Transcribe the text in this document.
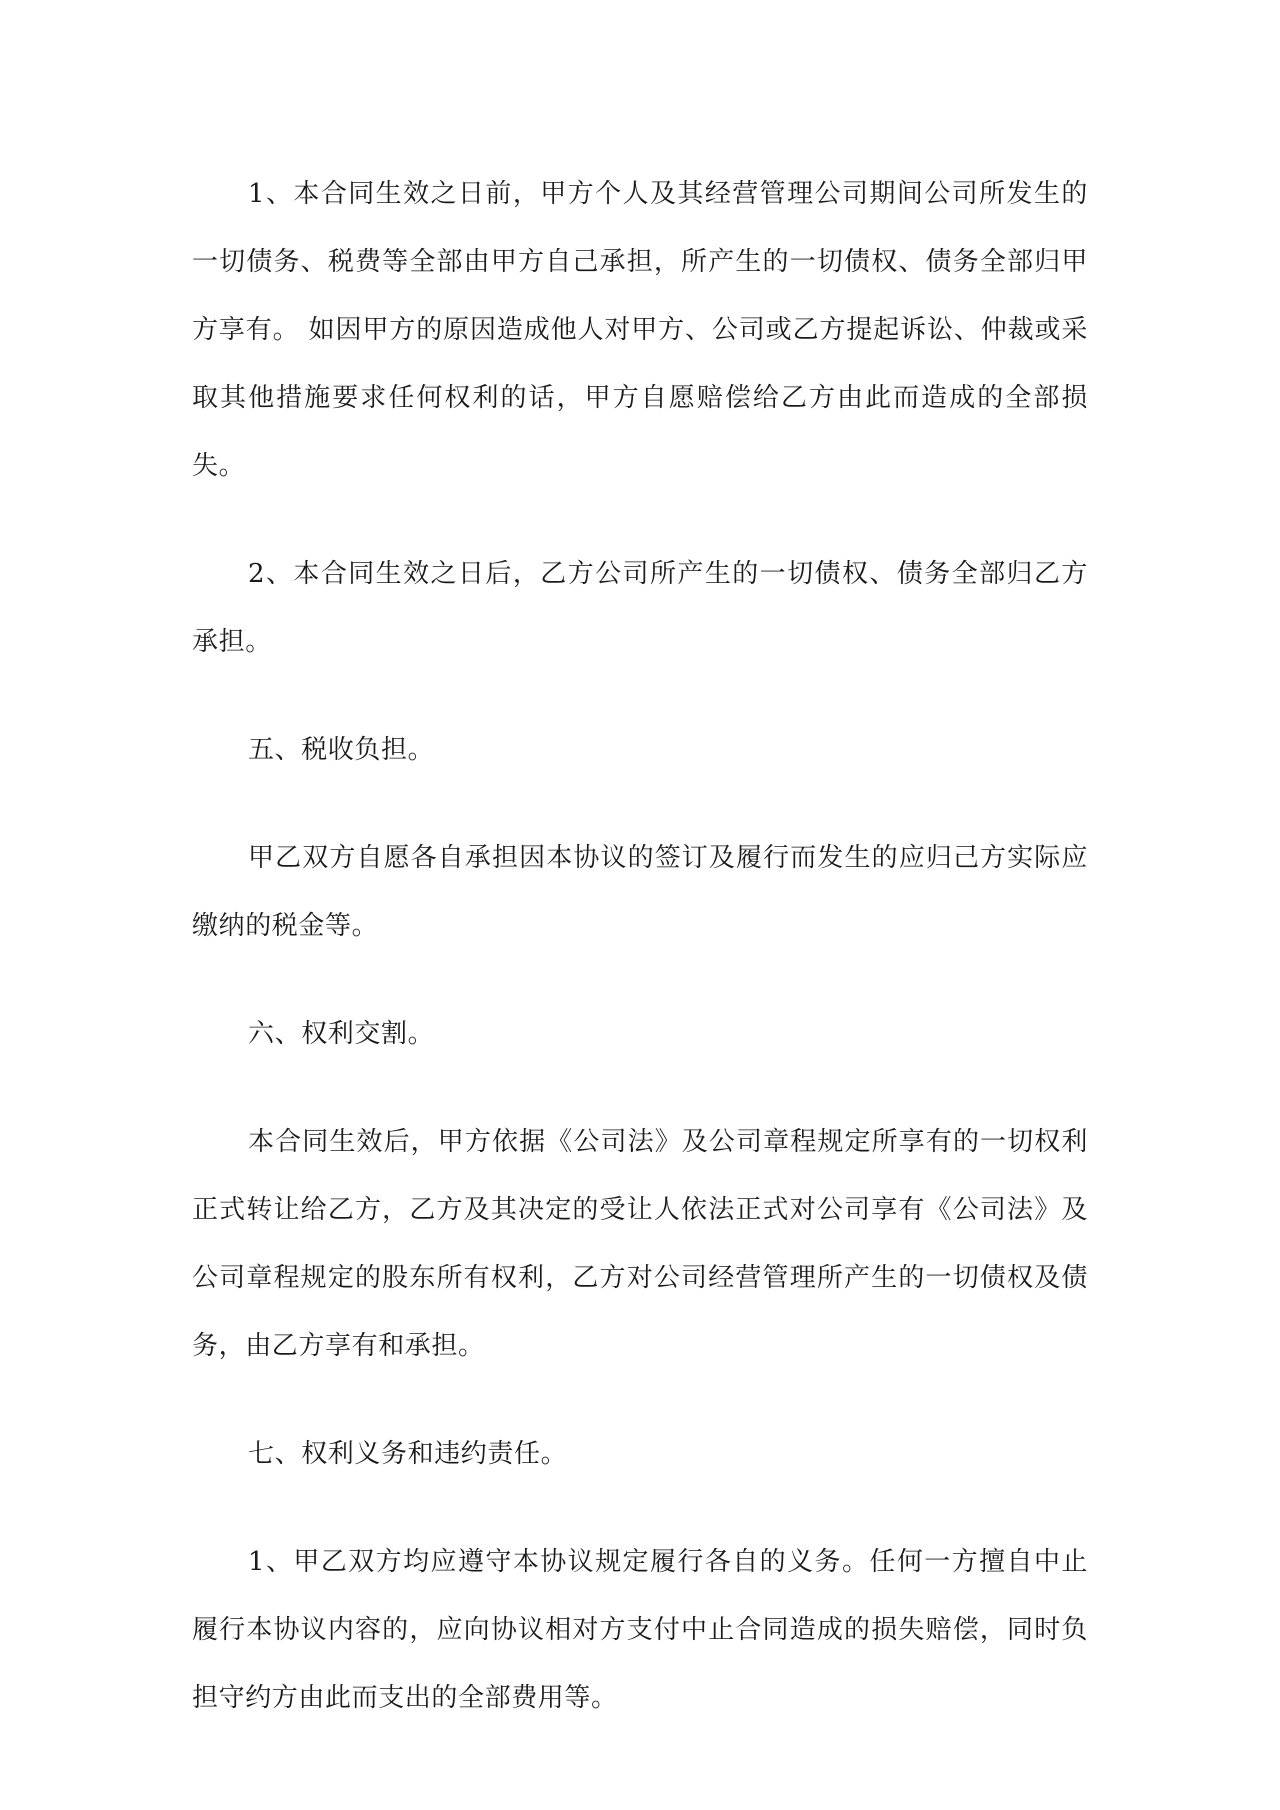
1、本合同生效之日前，甲方个人及其经营管理公司期间公司所发生的一切债务、税费等全部由甲方自己承担，所产生的一切债权、债务全部归甲方享有。 如因甲方的原因造成他人对甲方、公司或乙方提起诉讼、仲裁或采取其他措施要求任何权利的话，甲方自愿赔偿给乙方由此而造成的全部损失。

2、本合同生效之日后，乙方公司所产生的一切债权、债务全部归乙方承担。

五、税收负担。

甲乙双方自愿各自承担因本协议的签订及履行而发生的应归己方实际应缴纳的税金等。

六、权利交割。

本合同生效后，甲方依据《公司法》及公司章程规定所享有的一切权利正式转让给乙方，乙方及其决定的受让人依法正式对公司享有《公司法》及公司章程规定的股东所有权利，乙方对公司经营管理所产生的一切债权及债务，由乙方享有和承担。

七、权利义务和违约责任。

1、甲乙双方均应遵守本协议规定履行各自的义务。任何一方擅自中止履行本协议内容的，应向协议相对方支付中止合同造成的损失赔偿，同时负担守约方由此而支出的全部费用等。
